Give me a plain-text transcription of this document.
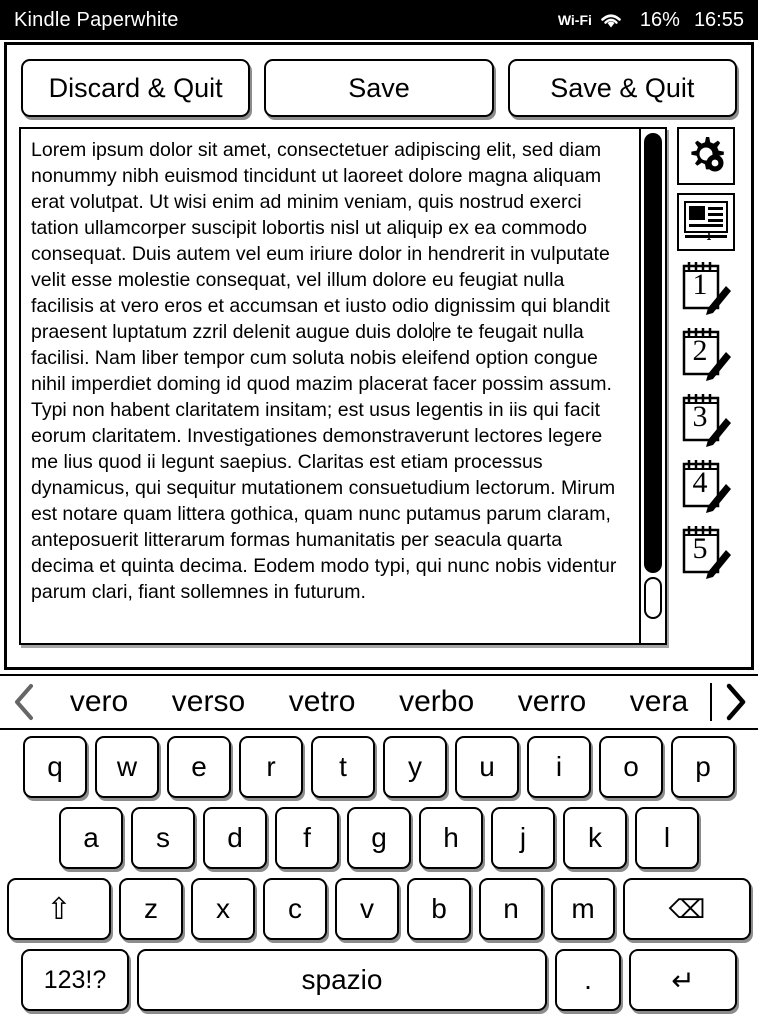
Kindle Paperwhite	Wi-Fi 16% 16:55
Discard & Quit	Save	Save & Quit
Lorem ipsum dolor sit amet, consectetuer adipiscing elit, sed diam nonummy nibh euismod tincidunt ut laoreet dolore magna aliquam erat volutpat. Ut wisi enim ad minim veniam, quis nostrud exerci tation ullamcorper suscipit lobortis nisl ut aliquip ex ea commodo consequat. Duis autem vel eum iriure dolor in hendrerit in vulputate velit esse molestie consequat, vel illum dolore eu feugiat nulla facilisis at vero eros et accumsan et iusto odio dignissim qui blandit praesent luptatum zzril delenit augue duis dolore te feugait nulla facilisi. Nam liber tempor cum soluta nobis eleifend option congue nihil imperdiet doming id quod mazim placerat facer possim assum. Typi non habent claritatem insitam; est usus legentis in iis qui facit eorum claritatem. Investigationes demonstraverunt lectores legere me lius quod ii legunt saepius. Claritas est etiam processus dynamicus, qui sequitur mutationem consuetudium lectorum. Mirum est notare quam littera gothica, quam nunc putamus parum claram, anteposuerit litterarum formas humanitatis per seacula quarta decima et quinta decima. Eodem modo typi, qui nunc nobis videntur parum clari, fiant sollemnes in futurum.
1
2
3
4
5
vero verso vetro verbo verro vera
q	w	e	r	t	y	u	i	o	p
a	s	d	f	g	h	j	k	l
⇧	z	x	c	v	b	n	m	⌫
123!?	spazio	.	↵
